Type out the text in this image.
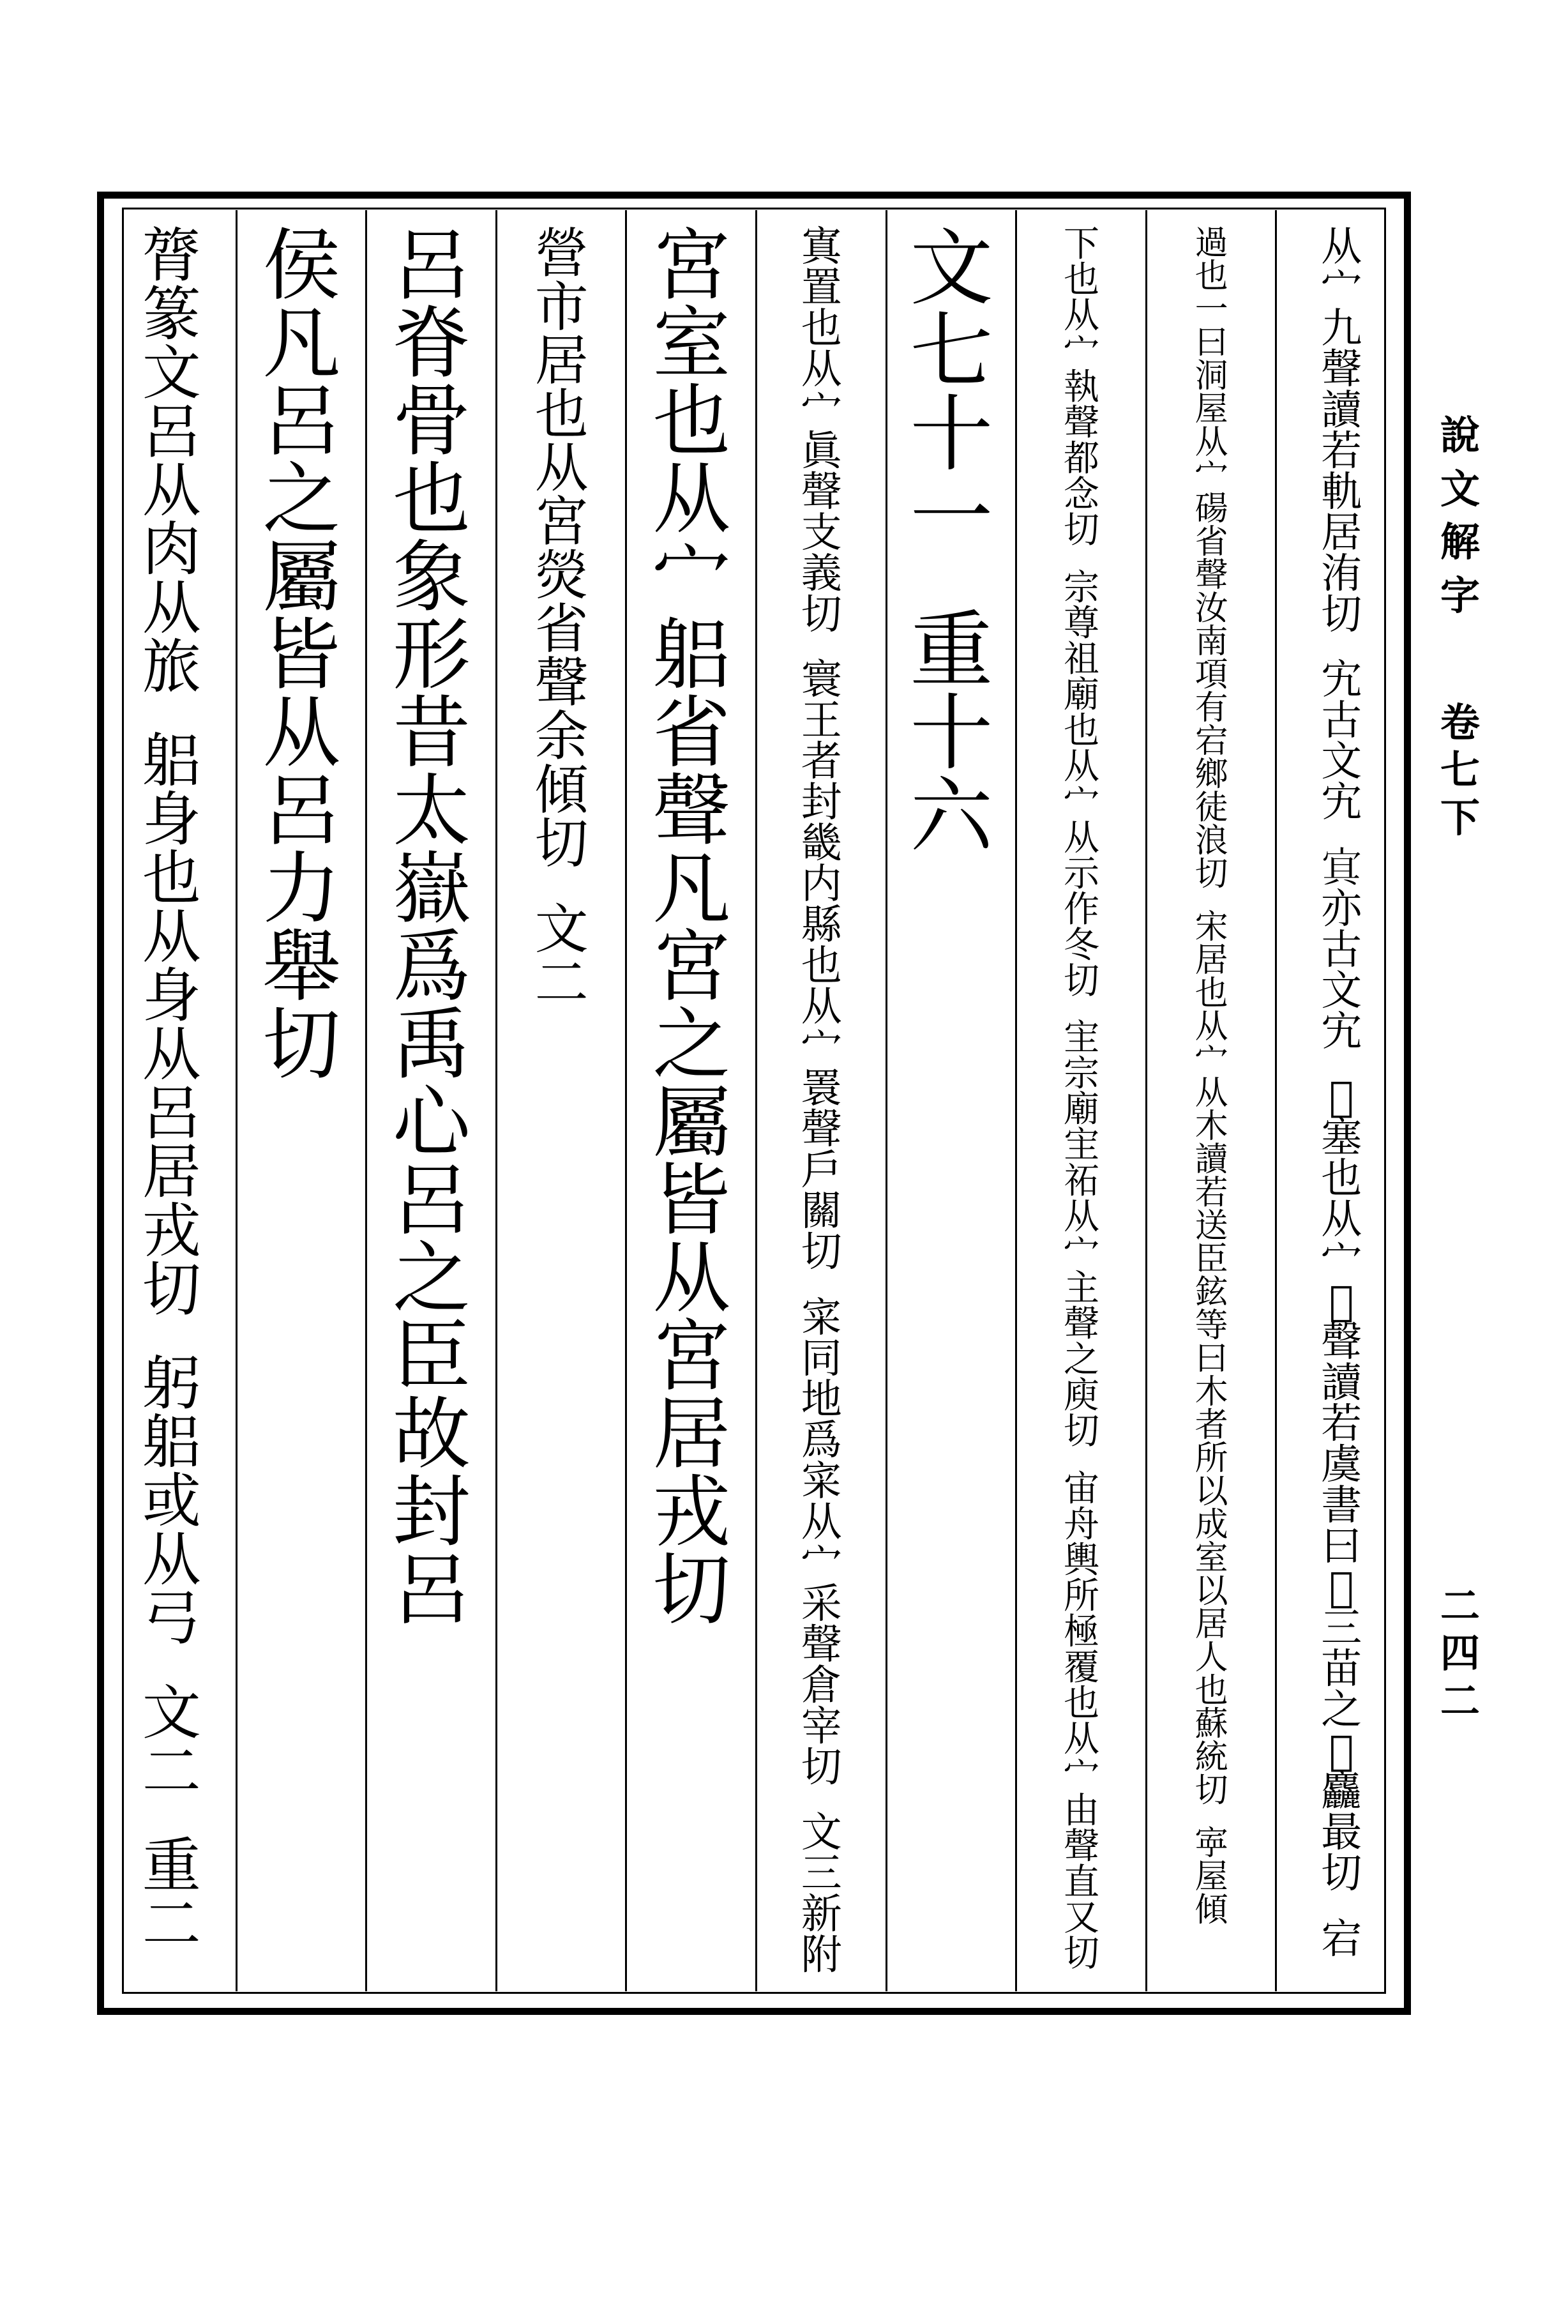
从
宀
九
聲
讀
若
軌
居
洧
切
宄
古
文
宄
𡨋
亦
古
文
宄
𡫢
塞
也
从
宀
𡫢
聲
讀
若
虞
書
曰
𡫢
三
苗
之
𡫢
麤
最
切
宕
過
也
一
曰
洞
屋
从
宀
碭
省
聲
汝
南
項
有
宕
鄉
徒
浪
切
宋
居
也
从
宀
从
木
讀
若
送
臣
鉉
等
曰
木
者
所
以
成
室
以
居
人
也
蘇
統
切
𡨴
屋
傾
下
也
从
宀
執
聲
都
念
切
宗
尊
祖
廟
也
从
宀
从
示
作
冬
切
宔
宗
廟
宔
祏
从
宀
主
聲
之
庾
切
宙
舟
輿
所
極
覆
也
从
宀
由
聲
直
又
切
文
七
十
一
重
十
六
寘
置
也
从
宀
眞
聲
支
義
切
寰
王
者
封
畿
内
縣
也
从
宀
瞏
聲
戶
關
切
寀
同
地
爲
寀
从
宀
采
聲
倉
宰
切
文
三
新
附
宮
室
也
从
宀
躳
省
聲
凡
宮
之
屬
皆
从
宮
居
戎
切
營
市
居
也
从
宮
熒
省
聲
余
傾
切
文
二
呂
脊
骨
也
象
形
昔
太
嶽
爲
禹
心
呂
之
臣
故
封
呂
侯
凡
呂
之
屬
皆
从
呂
力
舉
切
膂
篆
文
呂
从
肉
从
旅
躳
身
也
从
身
从
呂
居
戎
切
躬
躳
或
从
弓
文
二
重
二
說
文
解
字
卷
七
下
二
四
二
